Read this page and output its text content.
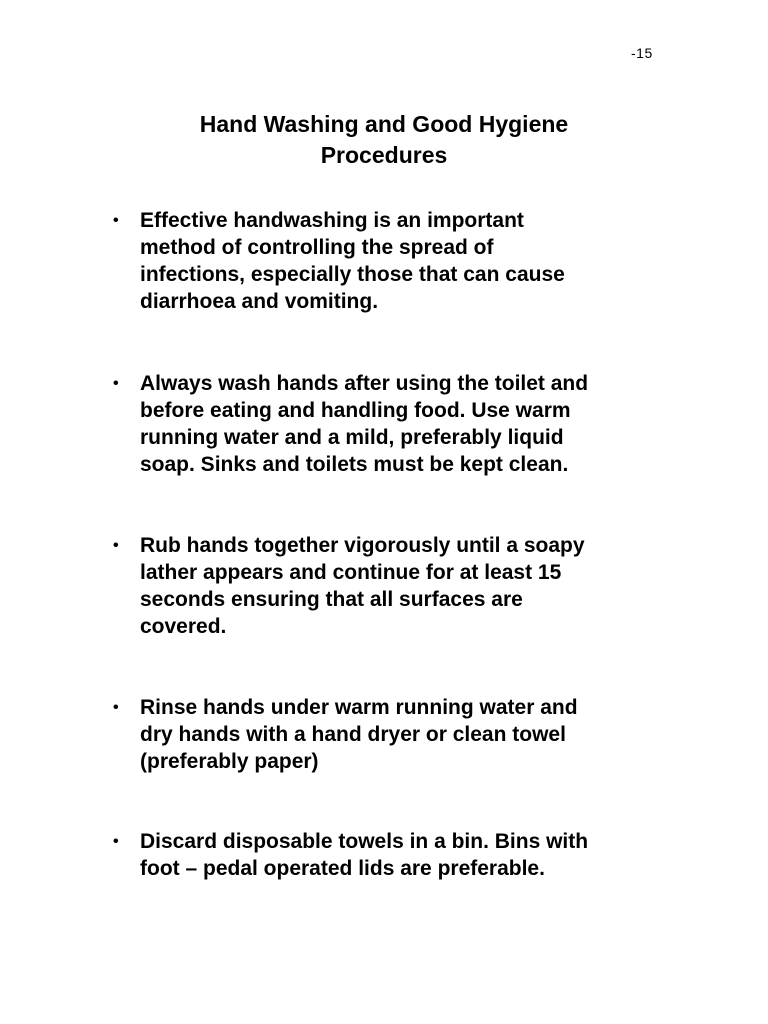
-15
Hand Washing and Good Hygiene
Procedures
•	Effective handwashing is an important
method of controlling the spread of
infections, especially those that can cause
diarrhoea and vomiting.
•	Always wash hands after using the toilet and
before eating and handling food. Use warm
running water and a mild, preferably liquid
soap. Sinks and toilets must be kept clean.
•	Rub hands together vigorously until a soapy
lather appears and continue for at least 15
seconds ensuring that all surfaces are
covered.
•	Rinse hands under warm running water and
dry hands with a hand dryer or clean towel
(preferably paper)
•	Discard disposable towels in a bin. Bins with
foot – pedal operated lids are preferable.
